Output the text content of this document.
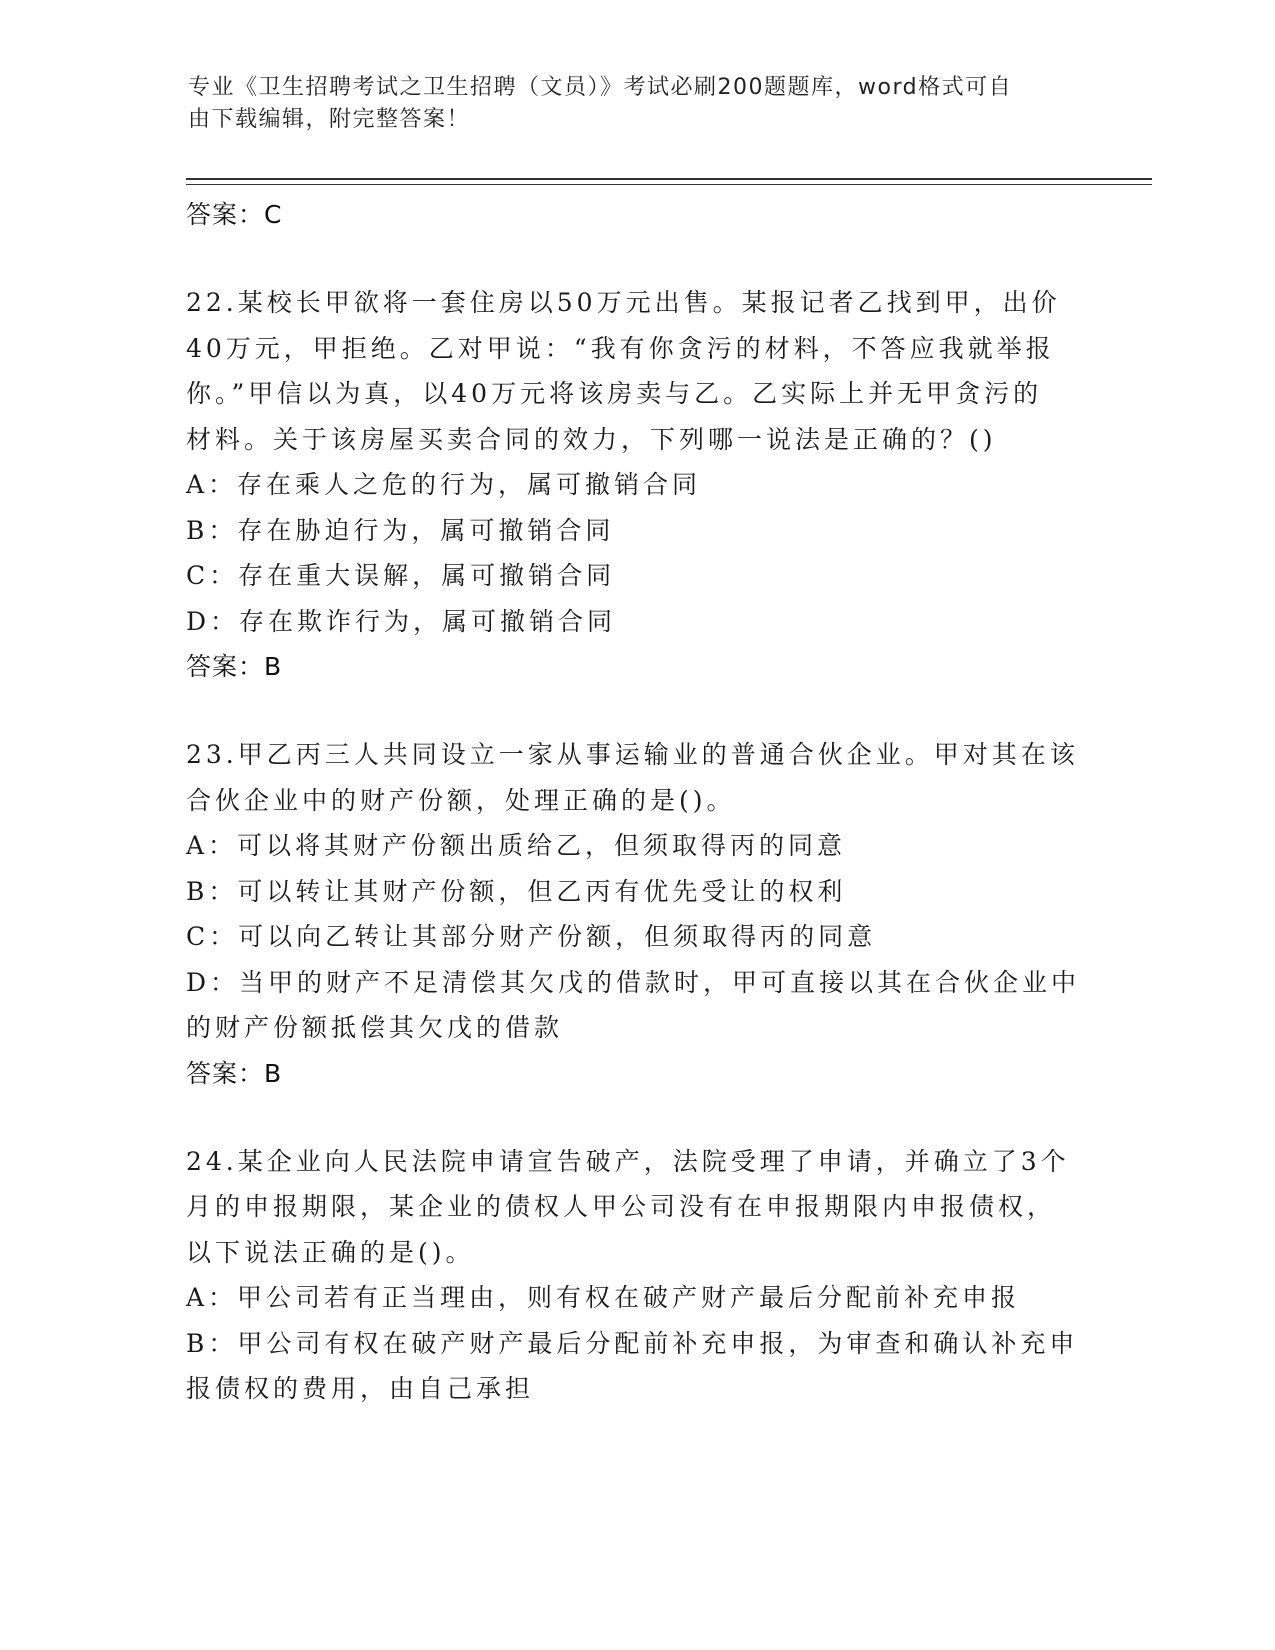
专业《卫生招聘考试之卫生招聘（文员）》考试必刷200题题库，word格式可自
由下载编辑，附完整答案！

答案：C

22.某校长甲欲将一套住房以50万元出售。某报记者乙找到甲，出价

40万元，甲拒绝。乙对甲说：“我有你贪污的材料，不答应我就举报

你。”甲信以为真，以40万元将该房卖与乙。乙实际上并无甲贪污的

材料。关于该房屋买卖合同的效力，下列哪一说法是正确的？()

A：存在乘人之危的行为，属可撤销合同

B：存在胁迫行为，属可撤销合同

C：存在重大误解，属可撤销合同

D：存在欺诈行为，属可撤销合同

答案：B

23.甲乙丙三人共同设立一家从事运输业的普通合伙企业。甲对其在该

合伙企业中的财产份额，处理正确的是()。

A：可以将其财产份额出质给乙，但须取得丙的同意

B：可以转让其财产份额，但乙丙有优先受让的权利

C：可以向乙转让其部分财产份额，但须取得丙的同意

D：当甲的财产不足清偿其欠戊的借款时，甲可直接以其在合伙企业中

的财产份额抵偿其欠戊的借款

答案：B

24.某企业向人民法院申请宣告破产，法院受理了申请，并确立了3个

月的申报期限，某企业的债权人甲公司没有在申报期限内申报债权，

以下说法正确的是()。

A：甲公司若有正当理由，则有权在破产财产最后分配前补充申报

B：甲公司有权在破产财产最后分配前补充申报，为审查和确认补充申

报债权的费用，由自己承担
